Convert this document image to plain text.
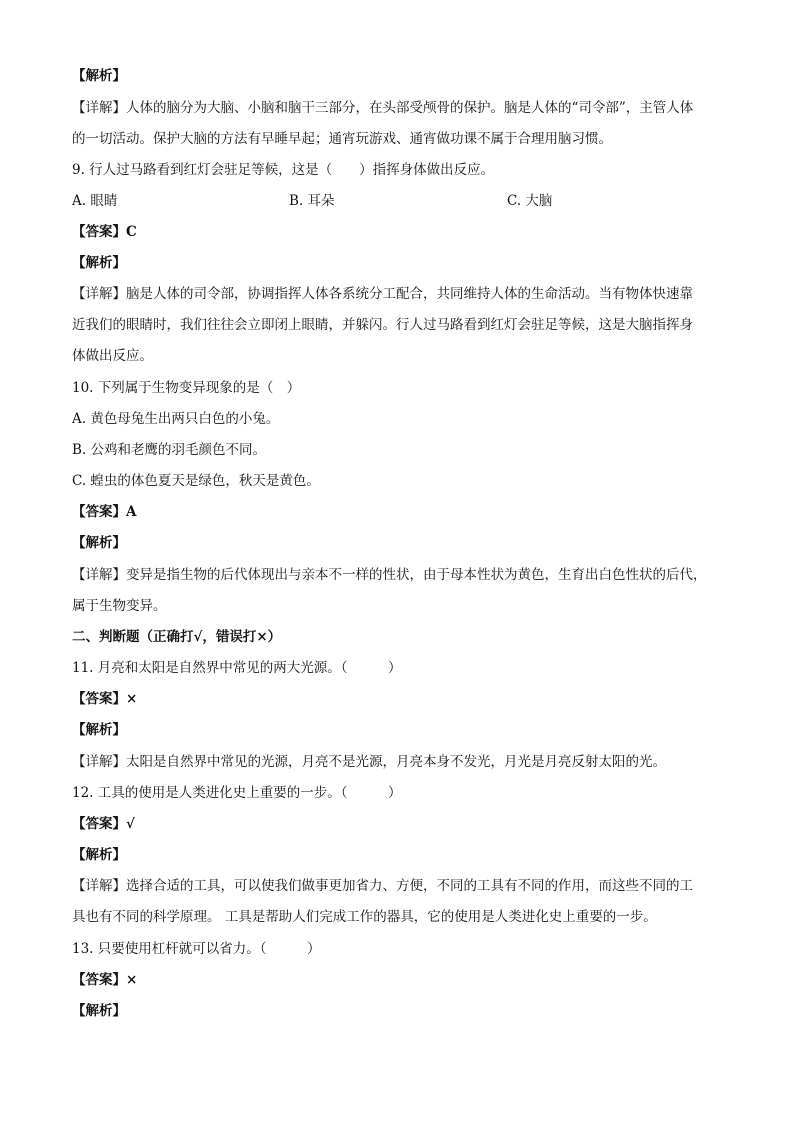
【解析】
【详解】人体的脑分为大脑、小脑和脑干三部分，在头部受颅骨的保护。脑是人体的“司令部”，主管人体
的一切活动。保护大脑的方法有早睡早起；通宵玩游戏、通宵做功课不属于合理用脑习惯。
9. 行人过马路看到红灯会驻足等候，这是（　　）指挥身体做出反应。
A. 眼睛	B. 耳朵	C. 大脑
【答案】C
【解析】
【详解】脑是人体的司令部，协调指挥人体各系统分工配合，共同维持人体的生命活动。当有物体快速靠
近我们的眼睛时，我们往往会立即闭上眼睛，并躲闪。行人过马路看到红灯会驻足等候，这是大脑指挥身
体做出反应。
10. 下列属于生物变异现象的是（　）
A. 黄色母兔生出两只白色的小兔。
B. 公鸡和老鹰的羽毛颜色不同。
C. 蝗虫的体色夏天是绿色，秋天是黄色。
【答案】A
【解析】
【详解】变异是指生物的后代体现出与亲本不一样的性状，由于母本性状为黄色，生育出白色性状的后代，
属于生物变异。
二、判断题（正确打√，错误打×）
11. 月亮和太阳是自然界中常见的两大光源。（　　　）
【答案】×
【解析】
【详解】太阳是自然界中常见的光源，月亮不是光源，月亮本身不发光，月光是月亮反射太阳的光。
12. 工具的使用是人类进化史上重要的一步。（　　　）
【答案】√
【解析】
【详解】选择合适的工具，可以使我们做事更加省力、方便，不同的工具有不同的作用，而这些不同的工
具也有不同的科学原理。 工具是帮助人们完成工作的器具，它的使用是人类进化史上重要的一步。
13. 只要使用杠杆就可以省力。（　　　）
【答案】×
【解析】
